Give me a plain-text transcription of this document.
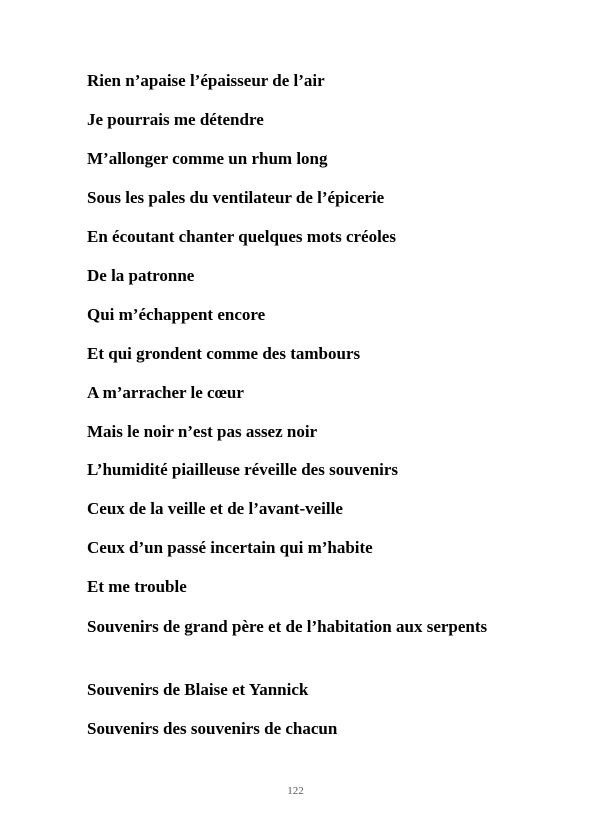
Rien n’apaise l’épaisseur de l’air
Je pourrais me détendre
M’allonger comme un rhum long
Sous les pales du ventilateur de l’épicerie
En écoutant chanter quelques mots créoles
De la patronne
Qui m’échappent encore
Et qui grondent comme des tambours
A m’arracher le cœur
Mais le noir n’est pas assez noir
L’humidité piailleuse réveille des souvenirs
Ceux de la veille et de l’avant-veille
Ceux d’un passé incertain qui m’habite
Et me trouble
Souvenirs de grand père et de l’habitation aux serpents
Souvenirs de Blaise et Yannick
Souvenirs des souvenirs de chacun
122
